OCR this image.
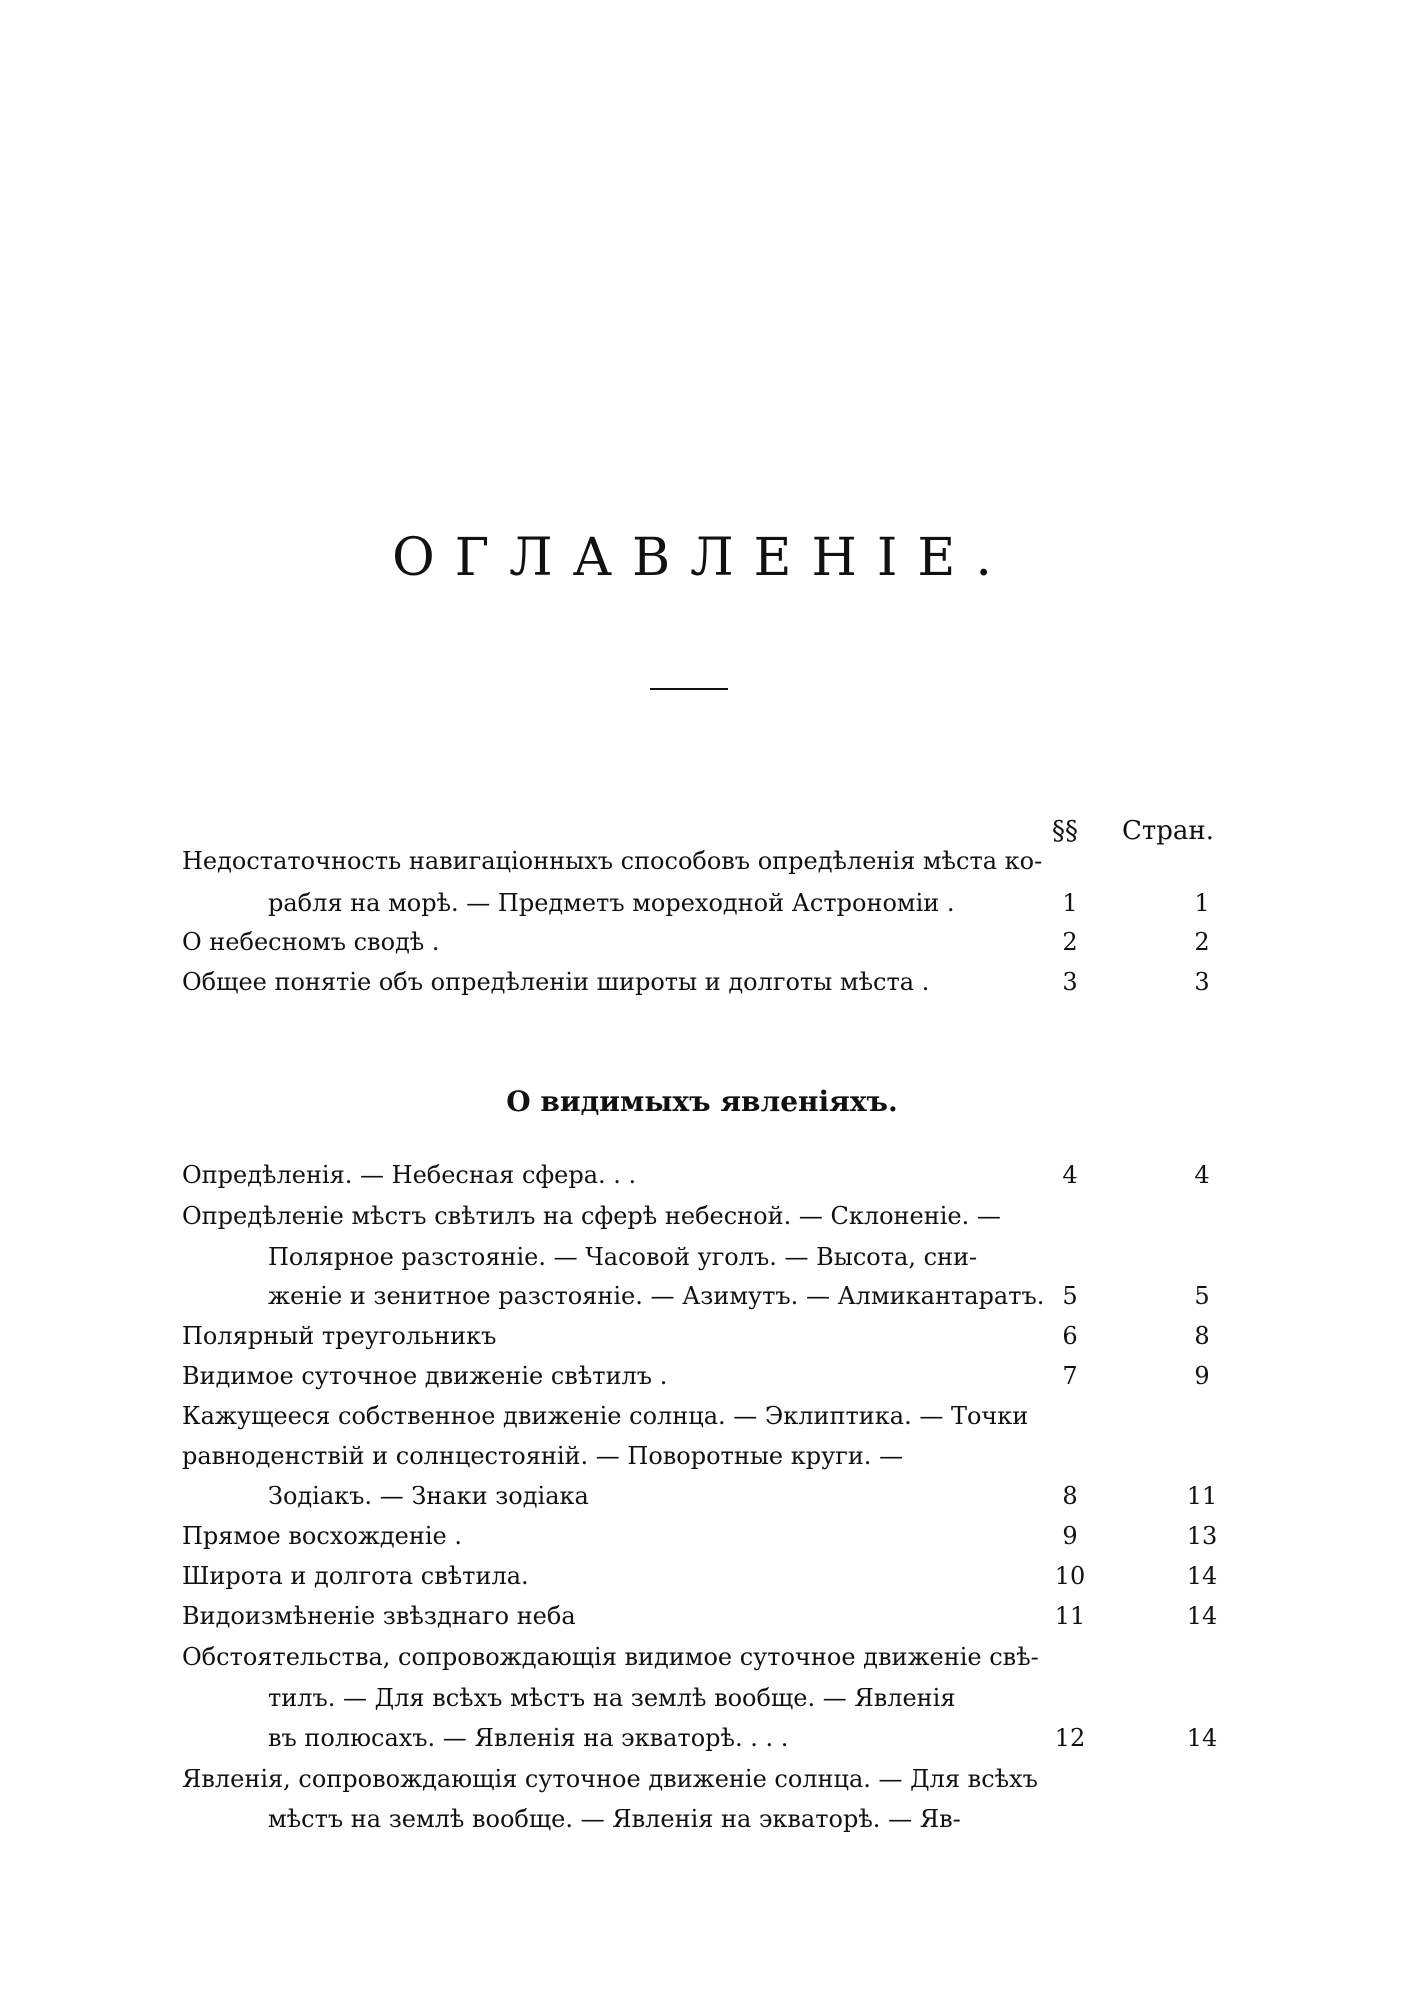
ОГЛАВЛЕНІЕ.
§§ Стран.
Недостаточность навигаціонныхъ способовъ опредѣленія мѣста ко-
рабля на морѣ. — Предметъ мореходной Астрономіи .	1	1
О небесномъ сводѣ .	2	2
Общее понятіе объ опредѣленіи широты и долготы мѣста .	3	3
О видимыхъ явленіяхъ.
Опредѣленія. — Небесная сфера. . .	4	4
Опредѣленіе мѣстъ свѣтилъ на сферѣ небесной. — Склоненіе. —
Полярное разстояніе. — Часовой уголъ. — Высота, сни-
женіе и зенитное разстояніе. — Азимутъ. — Алмикантаратъ. 5	5
Полярный треугольникъ	6	8
Видимое суточное движеніе свѣтилъ .	7	9
Кажущееся собственное движеніе солнца. — Эклиптика. — Точки
равноденствій и солнцестояній. — Поворотные круги. —
Зодіакъ. — Знаки зодіака	8	11
Прямое восхожденіе .	9	13
Широта и долгота свѣтила.	10	14
Видоизмѣненіе звѣзднаго неба	11	14
Обстоятельства, сопровождающія видимое суточное движеніе свѣ-
тилъ. — Для всѣхъ мѣстъ на землѣ вообще. — Явленія
въ полюсахъ. — Явленія на экваторѣ. . . .	12	14
Явленія, сопровождающія суточное движеніе солнца. — Для всѣхъ
мѣстъ на землѣ вообще. — Явленія на экваторѣ. — Яв-
